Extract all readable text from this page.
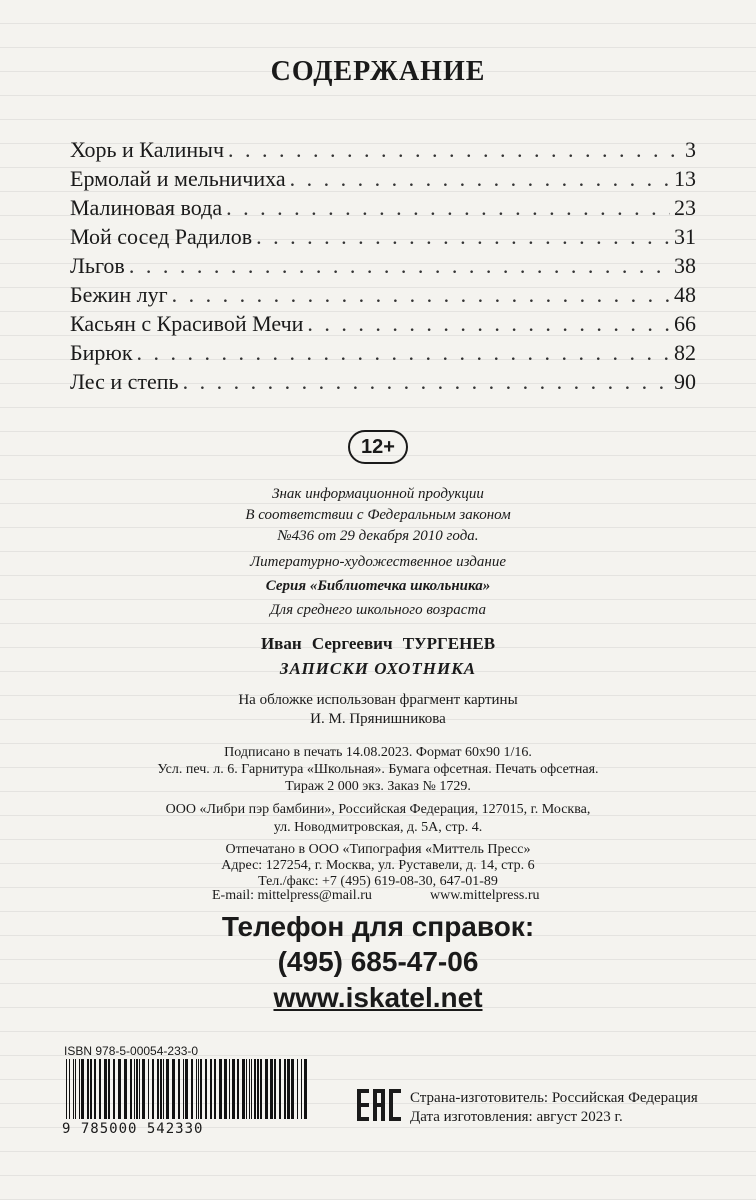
СОДЕРЖАНИЕ
Хорь и Калиныч . . .	3
Ермолай и мельничиха . . .	13
Малиновая вода . . .	23
Мой сосед Радилов . . .	31
Льгов . . .	38
Бежин луг . . .	48
Касьян с Красивой Мечи . . .	66
Бирюк . . .	82
Лес и степь . . .	90
12+
Знак информационной продукции
В соответствии с Федеральным законом
№436 от 29 декабря 2010 года.
Литературно-художественное издание
Серия «Библиотечка школьника»
Для среднего школьного возраста
Иван Сергеевич ТУРГЕНЕВ
ЗАПИСКИ ОХОТНИКА
На обложке использован фрагмент картины
И. М. Прянишникова
Подписано в печать 14.08.2023. Формат 60x90 1/16.
Усл. печ. л. 6. Гарнитура «Школьная». Бумага офсетная. Печать офсетная.
Тираж 2 000 экз. Заказ № 1729.
ООО «Либри пэр бамбини», Российская Федерация, 127015, г. Москва,
ул. Новодмитровская, д. 5А, стр. 4.
Отпечатано в ООО «Типография «Миттель Пресс»
Адрес: 127254, г. Москва, ул. Руставели, д. 14, стр. 6
Тел./факс: +7 (495) 619-08-30, 647-01-89
E-mail: mittelpress@mail.ru	www.mittelpress.ru
Телефон для справок:
(495) 685-47-06
www.iskatel.net
ISBN 978-5-00054-233-0
9 785000 542330
Страна-изготовитель: Российская Федерация
Дата изготовления: август 2023 г.
